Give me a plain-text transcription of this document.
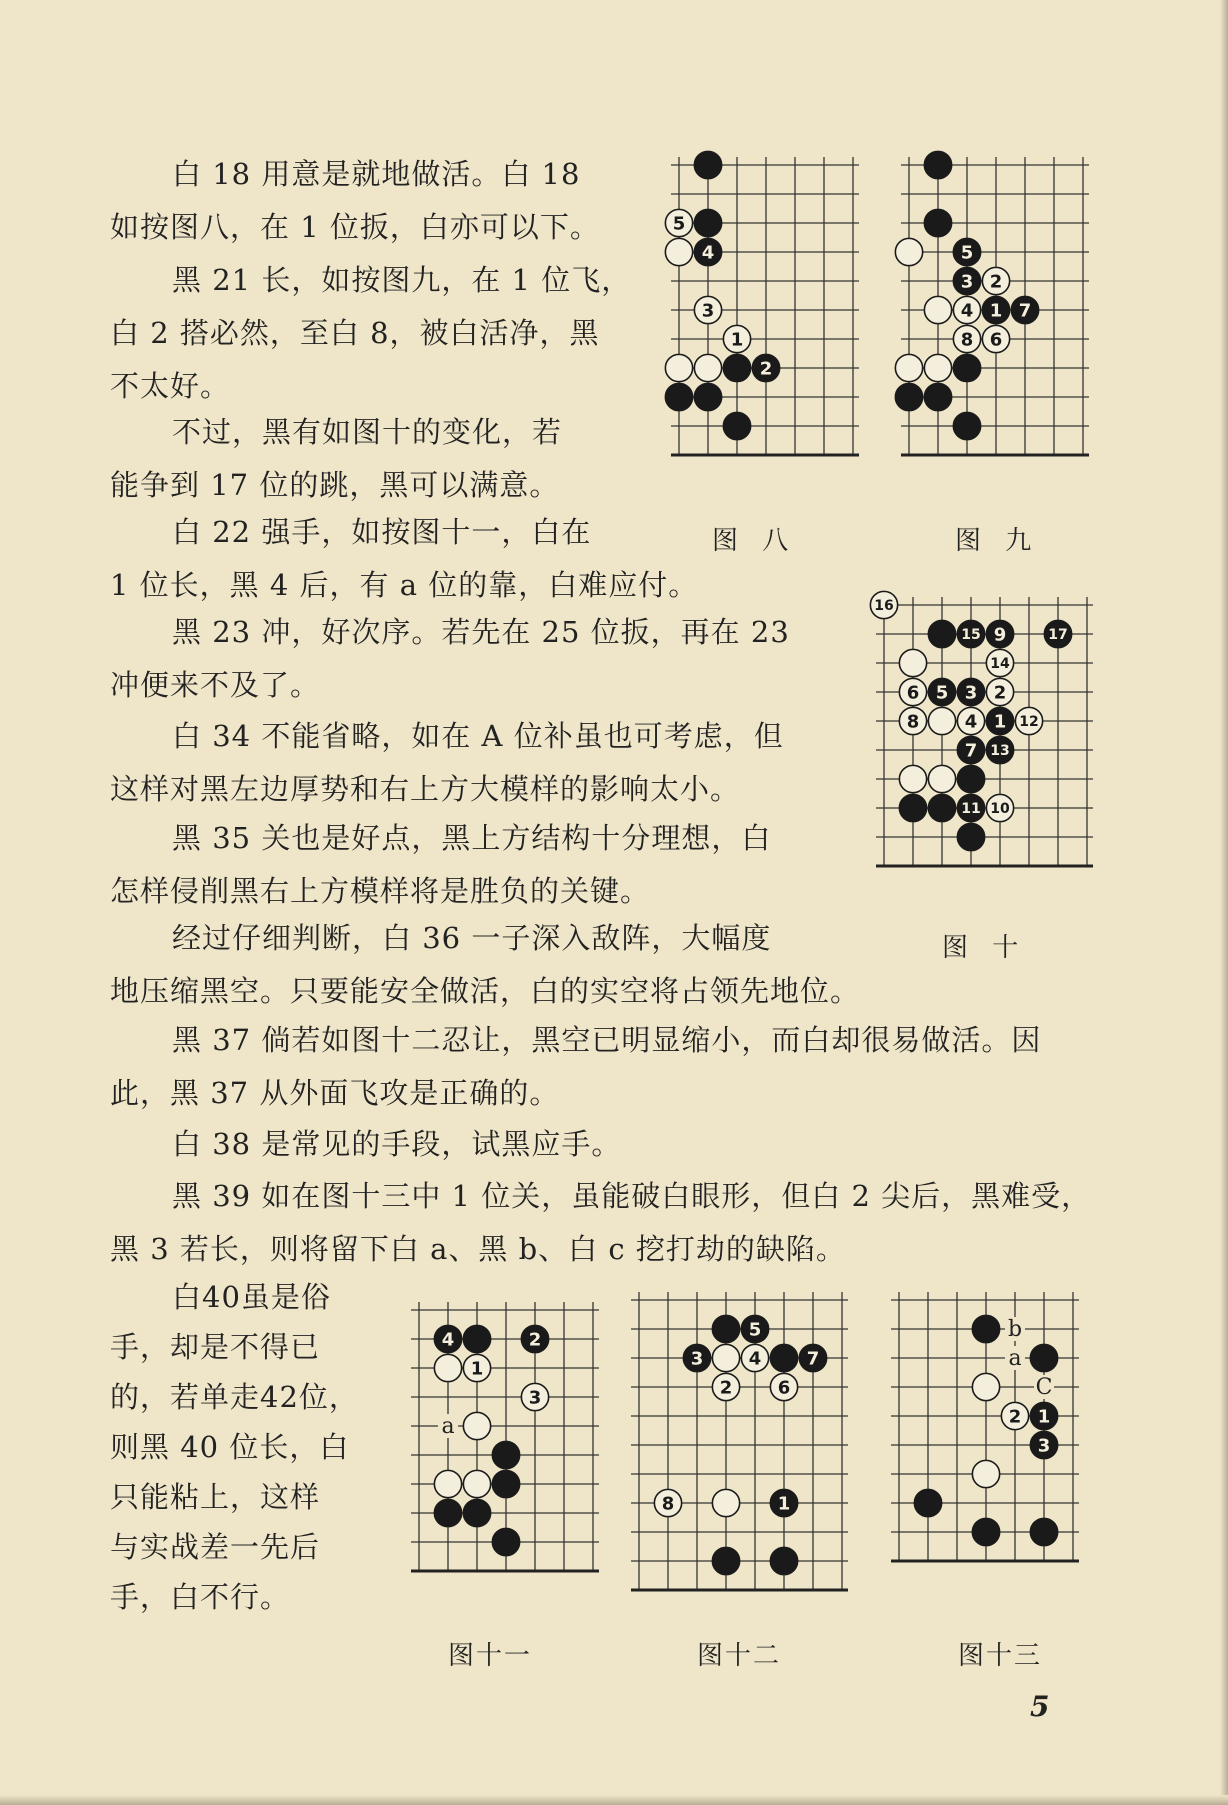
白 18 用意是就地做活。白 18
如按图八，在 1 位扳，白亦可以下。
黑 21 长，如按图九，在 1 位飞，
白 2 搭必然，至白 8，被白活净，黑
不太好。
不过，黑有如图十的变化，若
能争到 17 位的跳，黑可以满意。
白 22 强手，如按图十一，白在
1 位长，黑 4 后，有 a 位的靠，白难应付。
黑 23 冲，好次序。若先在 25 位扳，再在 23
冲便来不及了。
白 34 不能省略，如在 A 位补虽也可考虑，但
这样对黑左边厚势和右上方大模样的影响太小。
黑 35 关也是好点，黑上方结构十分理想，白
怎样侵削黑右上方模样将是胜负的关键。
经过仔细判断，白 36 一子深入敌阵，大幅度
地压缩黑空。只要能安全做活，白的实空将占领先地位。
黑 37 倘若如图十二忍让，黑空已明显缩小，而白却很易做活。因
此，黑 37 从外面飞攻是正确的。
白 38 是常见的手段，试黑应手。
黑 39 如在图十三中 1 位关，虽能破白眼形，但白 2 尖后，黑难受，
黑 3 若长，则将留下白 a、黑 b、白 c 挖打劫的缺陷。
白40虽是俗
手，却是不得已
的，若单走42位，
则黑 40 位长，白
只能粘上，这样
与实战差一先后
手，白不行。
5
4
3
1
2
图 八
5
3 2
4 1 7
8 6
图 九
16
15 9	17
14
6 5 3 2
8	4 1 12
7 13
11 10
图 十
a
4	2
1
3
图十一
5
3	4	7
2	6
8	1
图十二
b
a
C
2 1
3
图十三
5
